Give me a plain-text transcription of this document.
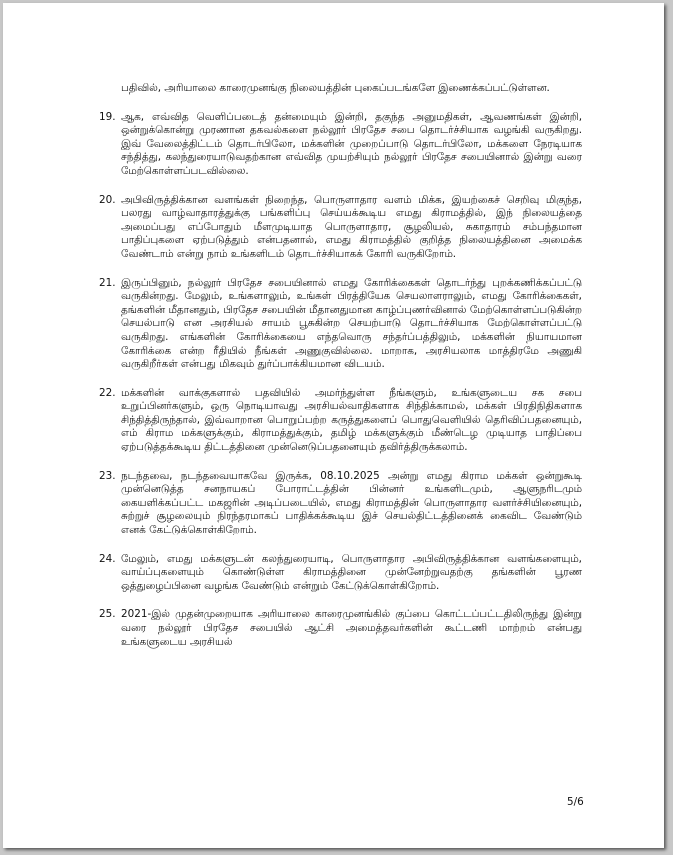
பதிவில், அரியாலை காரைமுனங்கு நிலையத்தின் புகைப்படங்களே இணைக்கப்பட்டுள்ளன.
19. ஆக, எவ்வித வெளிப்படைத் தன்மையும் இன்றி, தகுந்த அனுமதிகள், ஆவணங்கள் இன்றி, ஒன்றுக்கொன்று முரணான தகவல்களை நல்லூர் பிரதேச சபை தொடர்ச்சியாக வழங்கி வருகிறது. இவ் வேலைத்திட்டம் தொடர்பிலோ, மக்களின் முறைப்பாடு தொடர்பிலோ, மக்களை நேரடியாக சந்தித்து, கலந்துரையாடுவதற்கான எவ்வித முயற்சியும் நல்லூர் பிரதேச சபையினால் இன்று வரை மேற்கொள்ளப்படவில்லை.
20. அபிவிருத்திக்கான வளங்கள் நிறைந்த, பொருளாதார வளம் மிக்க, இயற்கைச் செறிவு மிகுந்த, பலரது வாழ்வாதாரத்துக்கு பங்களிப்பு செய்யக்கூடிய எமது கிராமத்தில், இந் நிலையத்தை அமைப்பது எப்போதும் மீளமுடியாத பொருளாதார, சூழலியல், சுகாதாரம் சம்பந்தமான பாதிப்புகளை ஏற்படுத்தும் என்பதனால், எமது கிராமத்தில் குறித்த நிலையத்தினை அமைக்க வேண்டாம் என்று நாம் உங்களிடம் தொடர்ச்சியாகக் கோரி வருகிறோம்.
21. இருப்பினும், நல்லூர் பிரதேச சபையினால் எமது கோரிக்கைகள் தொடர்ந்து புறக்கணிக்கப்பட்டு வருகின்றது. மேலும், உங்களாலும், உங்கள் பிரத்தியேக செயலாளராலும், எமது கோரிக்கைகள், தங்களின் மீதானதும், பிரதேச சபையின் மீதானதுமான காழ்ப்புணர்வினால் மேற்கொள்ளப்படுகின்ற செயல்பாடு என அரசியல் சாயம் பூசுகின்ற செயற்பாடு தொடர்ச்சியாக மேற்கொள்ளப்பட்டு வருகிறது. எங்களின் கோரிக்கையை எந்தவொரு சந்தர்ப்பத்திலும், மக்களின் நியாயமான கோரிக்கை என்ற ரீதியில் நீங்கள் அணுகுவில்லை. மாறாக, அரசியலாக மாத்திரமே அணுகி வருகிறீர்கள் என்பது மிகவும் துர்ப்பாக்கியமான விடயம்.
22. மக்களின் வாக்குகளால் பதவியில் அமர்ந்துள்ள நீங்களும், உங்களுடைய சக சபை உறுப்பினர்களும், ஒரு நொடியாவது அரசியல்வாதிகளாக சிந்திக்காமல், மக்கள் பிரதிநிதிகளாக சிந்தித்திருந்தால், இவ்வாறான பொறுப்பற்ற கருத்துகளைப் பொதுவெளியில் தெரிவிப்பதனையும், எம் கிராம மக்களுக்கும், கிராமத்துக்கும், தமிழ் மக்களுக்கும் மீண்டெழ முடியாத பாதிப்பை ஏற்படுத்தக்கூடிய திட்டத்தினை முன்னெடுப்பதனையும் தவிர்த்திருக்கலாம்.
23. நடந்தவை, நடந்தவையாகவே இருக்க, 08.10.2025 அன்று எமது கிராம மக்கள் ஒன்றுகூடி முன்னெடுத்த சனநாயகப் போராட்டத்தின் பின்னர் உங்களிடமும், ஆளுநரிடமும் கையளிக்கப்பட்ட மகஜரின் அடிப்படையில், எமது கிராமத்தின் பொருளாதார வளர்ச்சியினையும், சுற்றுச் சூழலையும் நிரந்தரமாகப் பாதிக்கக்கூடிய இச் செயல்திட்டத்தினைக் கைவிட வேண்டும் எனக் கேட்டுக்கொள்கிறோம்.
24. மேலும், எமது மக்களுடன் கலந்துரையாடி, பொருளாதார அபிவிருத்திக்கான வளங்களையும், வாய்ப்புகளையும் கொண்டுள்ள கிராமத்தினை முன்னேற்றுவதற்கு தங்களின் பூரண ஒத்துழைப்பினை வழங்க வேண்டும் என்றும் கேட்டுக்கொள்கிறோம்.
25. 2021-இல் முதன்முறையாக அரியாலை காரைமுனங்கில் குப்பை கொட்டப்பட்டதிலிருந்து இன்று வரை நல்லூர் பிரதேச சபையில் ஆட்சி அமைத்தவர்களின் கூட்டணி மாற்றம் என்பது உங்களுடைய அரசியல்
5/6
